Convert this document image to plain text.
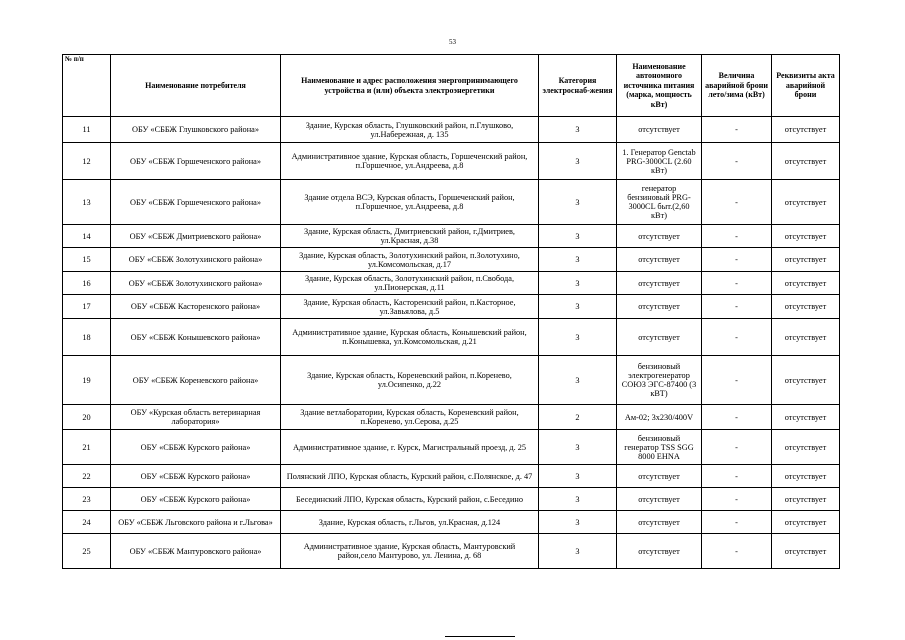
53
№ п/п	Наименование потребителя	Наименование и адрес расположения энергопринимающего устройства и (или) объекта электроэнергетики	Категория электроснаб-жения	Наименование автономного источника питания (марка, мощность кВт)	Величина аварийной брони лето/зима (кВт)	Реквизиты акта аварийной брони
11	ОБУ «СББЖ Глушковского района»	Здание, Курская область, Глушковский район, п.Глушково, ул.Набережная, д. 135	3	отсутствует	-	отсутствует
12	ОБУ «СББЖ Горшеченского района»	Административное здание, Курская область, Горшеченский район, п.Горшечное, ул.Андреева, д.8	3	1. Генератор Genctab PRG-3000CL (2.60 кВт)	-	отсутствует
13	ОБУ «СББЖ Горшеченского района»	Здание отдела ВСЭ, Курская область, Горшеченский район, п.Горшечное, ул.Андреева, д.8	3	генератор бензиновый PRG-3000CL быт.(2,60 кВт)	-	отсутствует
14	ОБУ «СББЖ Дмитриевского района»	Здание, Курская область, Дмитриевский район, г.Дмитриев, ул.Красная, д.38	3	отсутствует	-	отсутствует
15	ОБУ «СББЖ Золотухинского района»	Здание, Курская область, Золотухинский район, п.Золотухино, ул.Комсомольская, д.17	3	отсутствует	-	отсутствует
16	ОБУ «СББЖ Золотухинского района»	Здание, Курская область, Золотухинский район, п.Свобода, ул.Пионерская, д.11	3	отсутствует	-	отсутствует
17	ОБУ «СББЖ Касторенского района»	Здание, Курская область, Касторенский район, п.Касторное, ул.Завьялова, д.5	3	отсутствует	-	отсутствует
18	ОБУ «СББЖ Конышевского района»	Административное здание, Курская область, Конышевский район, п.Конышевка, ул.Комсомольская, д.21	3	отсутствует	-	отсутствует
19	ОБУ «СББЖ Кореневского района»	Здание, Курская область, Кореневский район, п.Коренево, ул.Осипенко, д.22	3	бензиновый электрогенератор СОЮЗ ЭГС-87400 (3 кВТ)	-	отсутствует
20	ОБУ «Курская область ветеринарная лаборатория»	Здание ветлаборатории, Курская область, Кореневский район, п.Коренево, ул.Серова, д.25	2	Ам-02; 3х230/400V	-	отсутствует
21	ОБУ «СББЖ Курского района»	Административное здание, г. Курск, Магистральный проезд, д. 25	3	бензиновый генератор TSS SGG 8000 EHNA	-	отсутствует
22	ОБУ «СББЖ Курского района»	Полянский ЛПО, Курская область, Курский район, с.Полянское, д. 47	3	отсутствует	-	отсутствует
23	ОБУ «СББЖ Курского района»	Бесединский ЛПО, Курская область, Курский район, с.Беседино	3	отсутствует	-	отсутствует
24	ОБУ «СББЖ Льговского района и г.Льгова»	Здание, Курская область, г.Льгов, ул.Красная, д.124	3	отсутствует	-	отсутствует
25	ОБУ «СББЖ Мантуровского района»	Административное здание, Курская область, Мантуровский район,село Мантурово, ул. Ленина, д. 68	3	отсутствует	-	отсутствует
